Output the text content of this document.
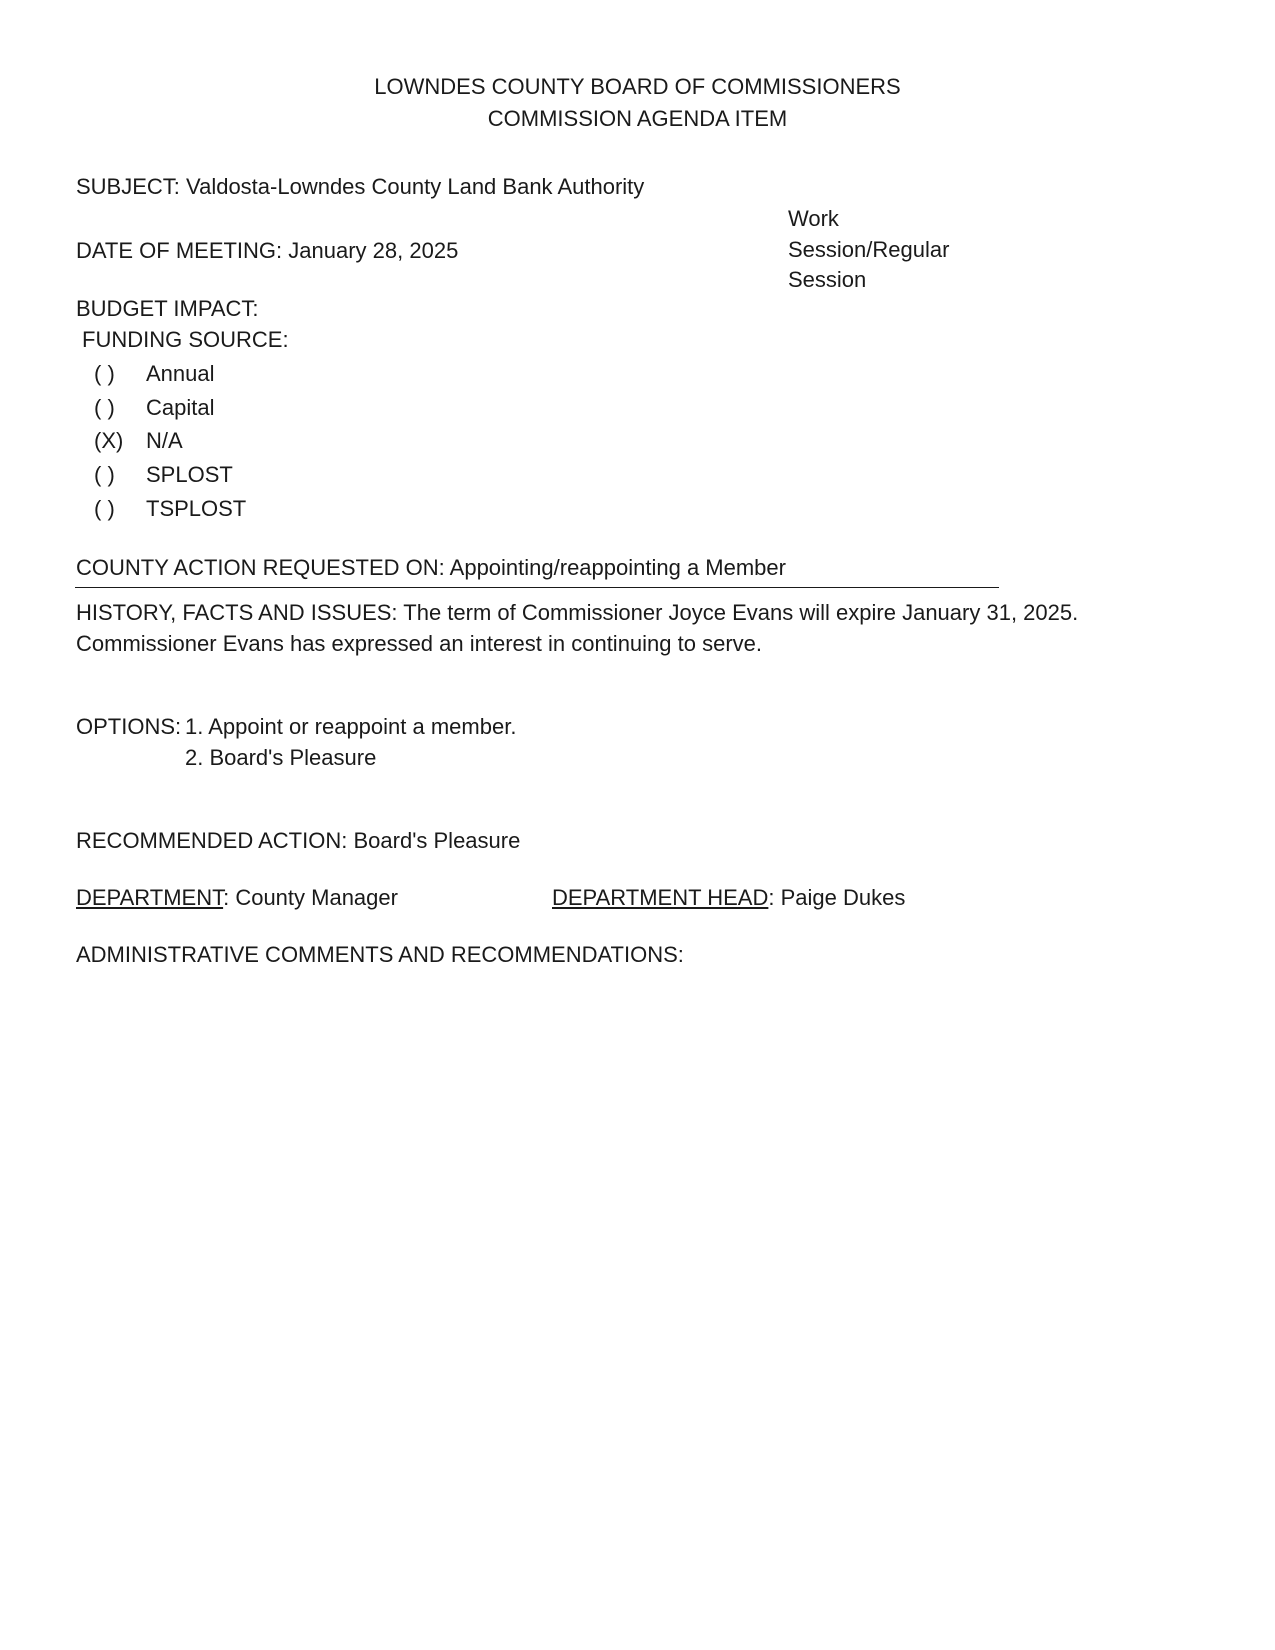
LOWNDES COUNTY BOARD OF COMMISSIONERS
COMMISSION AGENDA ITEM
SUBJECT: Valdosta-Lowndes County Land Bank Authority
Work
Session/Regular
Session
DATE OF MEETING: January 28, 2025
BUDGET IMPACT:
FUNDING SOURCE:
( )	Annual
( )	Capital
(X)	N/A
( )	SPLOST
( )	TSPLOST
COUNTY ACTION REQUESTED ON: Appointing/reappointing a Member
HISTORY, FACTS AND ISSUES: The term of Commissioner Joyce Evans will expire January 31, 2025.
Commissioner Evans has expressed an interest in continuing to serve.
OPTIONS: 1. Appoint or reappoint a member.
2. Board's Pleasure
RECOMMENDED ACTION: Board's Pleasure
DEPARTMENT: County Manager	DEPARTMENT HEAD: Paige Dukes
ADMINISTRATIVE COMMENTS AND RECOMMENDATIONS:
